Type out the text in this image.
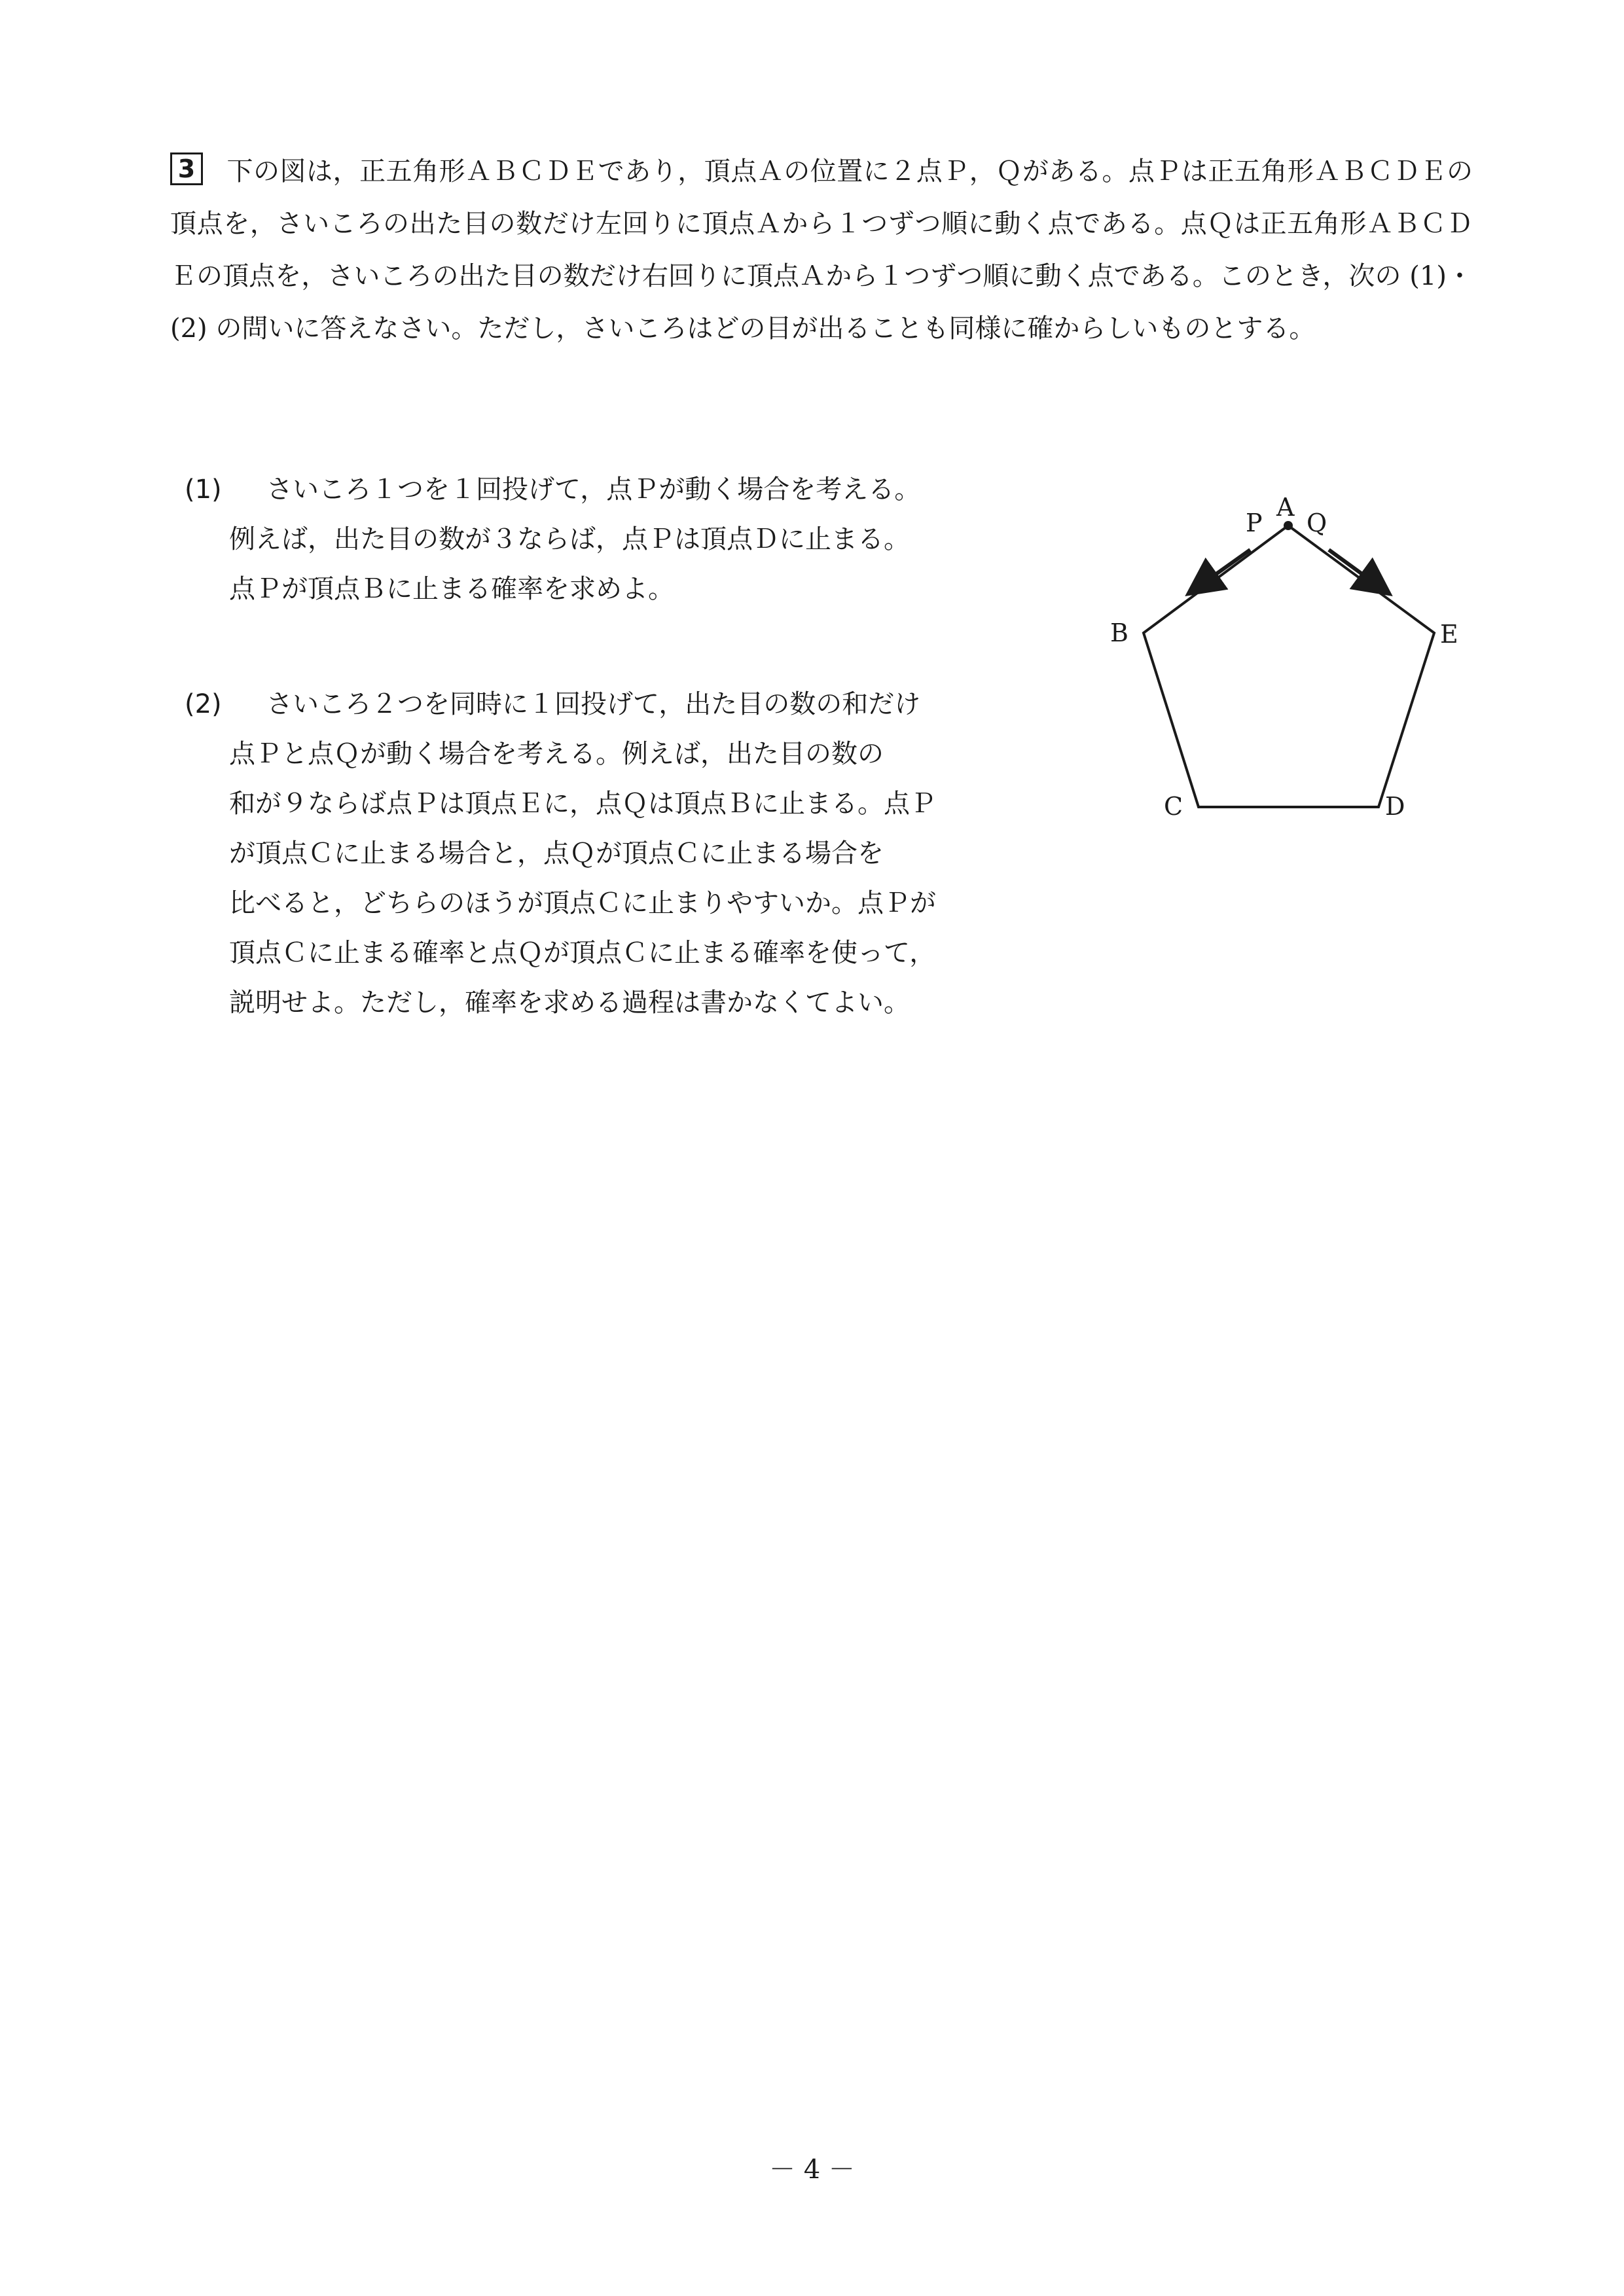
3 下の図は，正五角形ＡＢＣＤＥであり，頂点Ａの位置に２点Ｐ，Ｑがある。点Ｐは正五角形ＡＢＣＤＥの頂点を，さいころの出た目の数だけ左回りに頂点Ａから１つずつ順に動く点である。点Ｑは正五角形ＡＢＣＤＥの頂点を，さいころの出た目の数だけ右回りに頂点Ａから１つずつ順に動く点である。このとき，次の (1)・(2) の問いに答えなさい。ただし，さいころはどの目が出ることも同様に確からしいものとする。
(1)	さいころ１つを１回投げて，点Ｐが動く場合を考える。
例えば，出た目の数が３ならば，点Ｐは頂点Ｄに止まる。
点Ｐが頂点Ｂに止まる確率を求めよ。
(2)	さいころ２つを同時に１回投げて，出た目の数の和だけ
点Ｐと点Ｑが動く場合を考える。例えば，出た目の数の
和が９ならば点Ｐは頂点Ｅに，点Ｑは頂点Ｂに止まる。点Ｐ
が頂点Ｃに止まる場合と，点Ｑが頂点Ｃに止まる場合を
比べると，どちらのほうが頂点Ｃに止まりやすいか。点Ｐが
頂点Ｃに止まる確率と点Ｑが頂点Ｃに止まる確率を使って，
説明せよ。ただし，確率を求める過程は書かなくてよい。
A
P Q
B	E
C	D
－ 4 －
